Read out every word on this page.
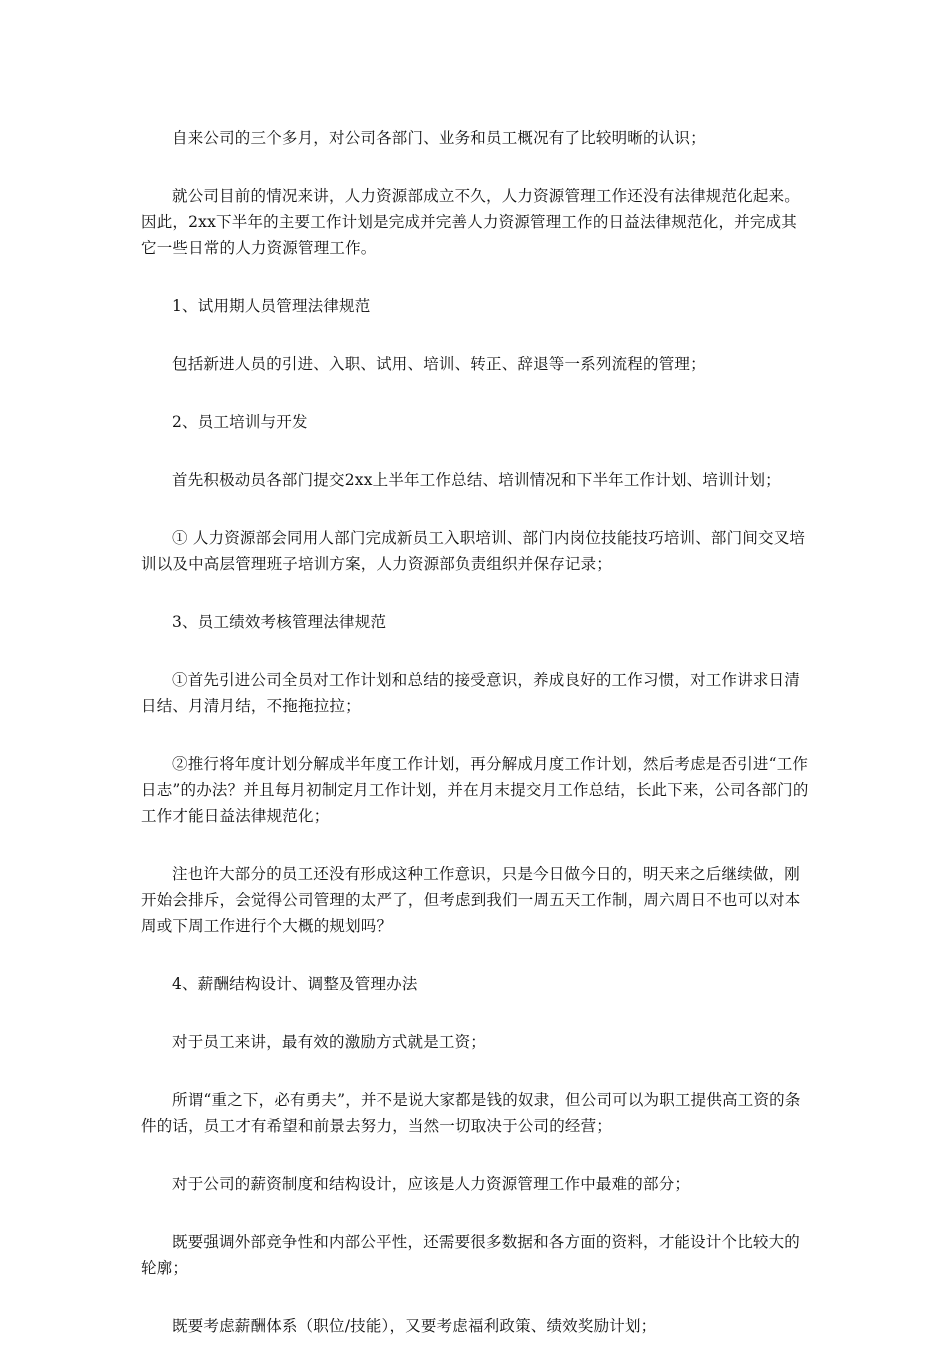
自来公司的三个多月，对公司各部门、业务和员工概况有了比较明晰的认识；

就公司目前的情况来讲，人力资源部成立不久，人力资源管理工作还没有法律规范化起来。因此，2xx下半年的主要工作计划是完成并完善人力资源管理工作的日益法律规范化，并完成其它一些日常的人力资源管理工作。

1、试用期人员管理法律规范

包括新进人员的引进、入职、试用、培训、转正、辞退等一系列流程的管理；

2、员工培训与开发

首先积极动员各部门提交2xx上半年工作总结、培训情况和下半年工作计划、培训计划；

① 人力资源部会同用人部门完成新员工入职培训、部门内岗位技能技巧培训、部门间交叉培训以及中高层管理班子培训方案，人力资源部负责组织并保存记录；

3、员工绩效考核管理法律规范

①首先引进公司全员对工作计划和总结的接受意识，养成良好的工作习惯，对工作讲求日清日结、月清月结，不拖拖拉拉；

②推行将年度计划分解成半年度工作计划，再分解成月度工作计划，然后考虑是否引进“工作日志”的办法？并且每月初制定月工作计划，并在月末提交月工作总结，长此下来，公司各部门的工作才能日益法律规范化；

注也许大部分的员工还没有形成这种工作意识，只是今日做今日的，明天来之后继续做，刚开始会排斥，会觉得公司管理的太严了，但考虑到我们一周五天工作制，周六周日不也可以对本周或下周工作进行个大概的规划吗？

4、薪酬结构设计、调整及管理办法

对于员工来讲，最有效的激励方式就是工资；

所谓“重之下，必有勇夫”，并不是说大家都是钱的奴隶，但公司可以为职工提供高工资的条件的话，员工才有希望和前景去努力，当然一切取决于公司的经营；

对于公司的薪资制度和结构设计，应该是人力资源管理工作中最难的部分；

既要强调外部竞争性和内部公平性，还需要很多数据和各方面的资料，才能设计个比较大的轮廓；

既要考虑薪酬体系（职位/技能），又要考虑福利政策、绩效奖励计划；
